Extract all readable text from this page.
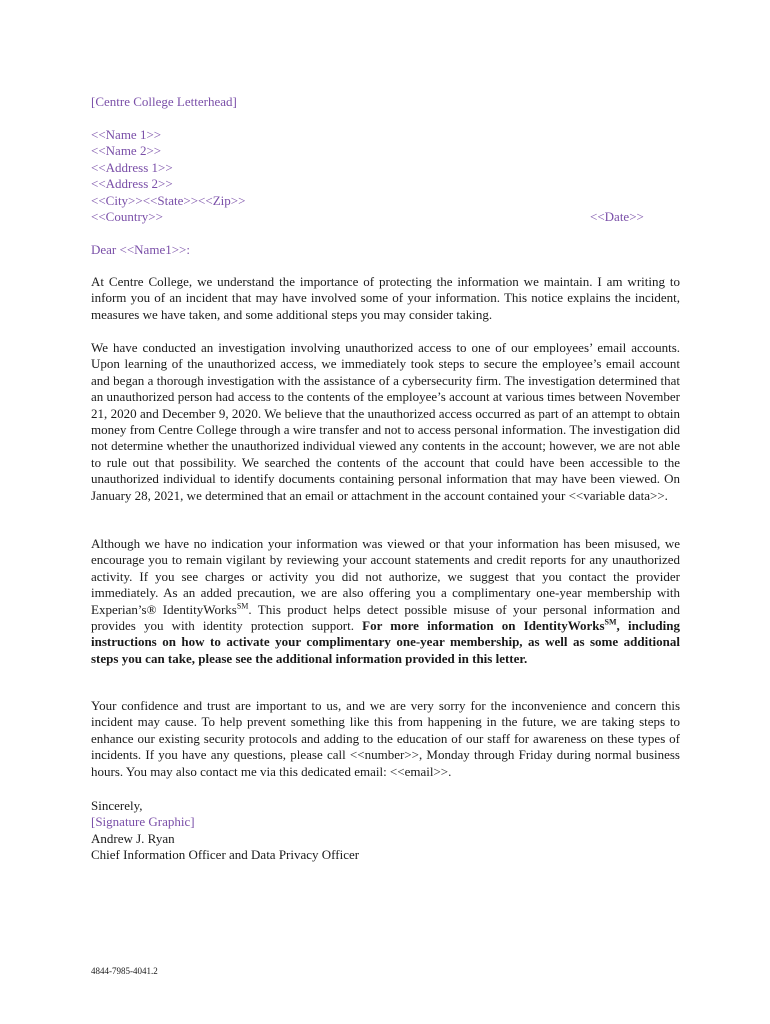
[Centre College Letterhead]
<<Name 1>>
<<Name 2>>
<<Address 1>>
<<Address 2>>
<<City>><<State>><<Zip>>
<<Country>>	<<Date>>
Dear <<Name1>>:
At Centre College, we understand the importance of protecting the information we maintain. I am writing to inform you of an incident that may have involved some of your information. This notice explains the incident, measures we have taken, and some additional steps you may consider taking.
We have conducted an investigation involving unauthorized access to one of our employees’ email accounts. Upon learning of the unauthorized access, we immediately took steps to secure the employee’s email account and began a thorough investigation with the assistance of a cybersecurity firm. The investigation determined that an unauthorized person had access to the contents of the employee’s account at various times between November 21, 2020 and December 9, 2020. We believe that the unauthorized access occurred as part of an attempt to obtain money from Centre College through a wire transfer and not to access personal information. The investigation did not determine whether the unauthorized individual viewed any contents in the account; however, we are not able to rule out that possibility. We searched the contents of the account that could have been accessible to the unauthorized individual to identify documents containing personal information that may have been viewed. On January 28, 2021, we determined that an email or attachment in the account contained your <<variable data>>.
Although we have no indication your information was viewed or that your information has been misused, we encourage you to remain vigilant by reviewing your account statements and credit reports for any unauthorized activity. If you see charges or activity you did not authorize, we suggest that you contact the provider immediately. As an added precaution, we are also offering you a complimentary one-year membership with Experian’s® IdentityWorks℠. This product helps detect possible misuse of your personal information and provides you with identity protection support. For more information on IdentityWorks℠, including instructions on how to activate your complimentary one-year membership, as well as some additional steps you can take, please see the additional information provided in this letter.
Your confidence and trust are important to us, and we are very sorry for the inconvenience and concern this incident may cause. To help prevent something like this from happening in the future, we are taking steps to enhance our existing security protocols and adding to the education of our staff for awareness on these types of incidents. If you have any questions, please call <<number>>, Monday through Friday during normal business hours. You may also contact me via this dedicated email: <<email>>.
Sincerely,
[Signature Graphic]
Andrew J. Ryan
Chief Information Officer and Data Privacy Officer
4844-7985-4041.2
